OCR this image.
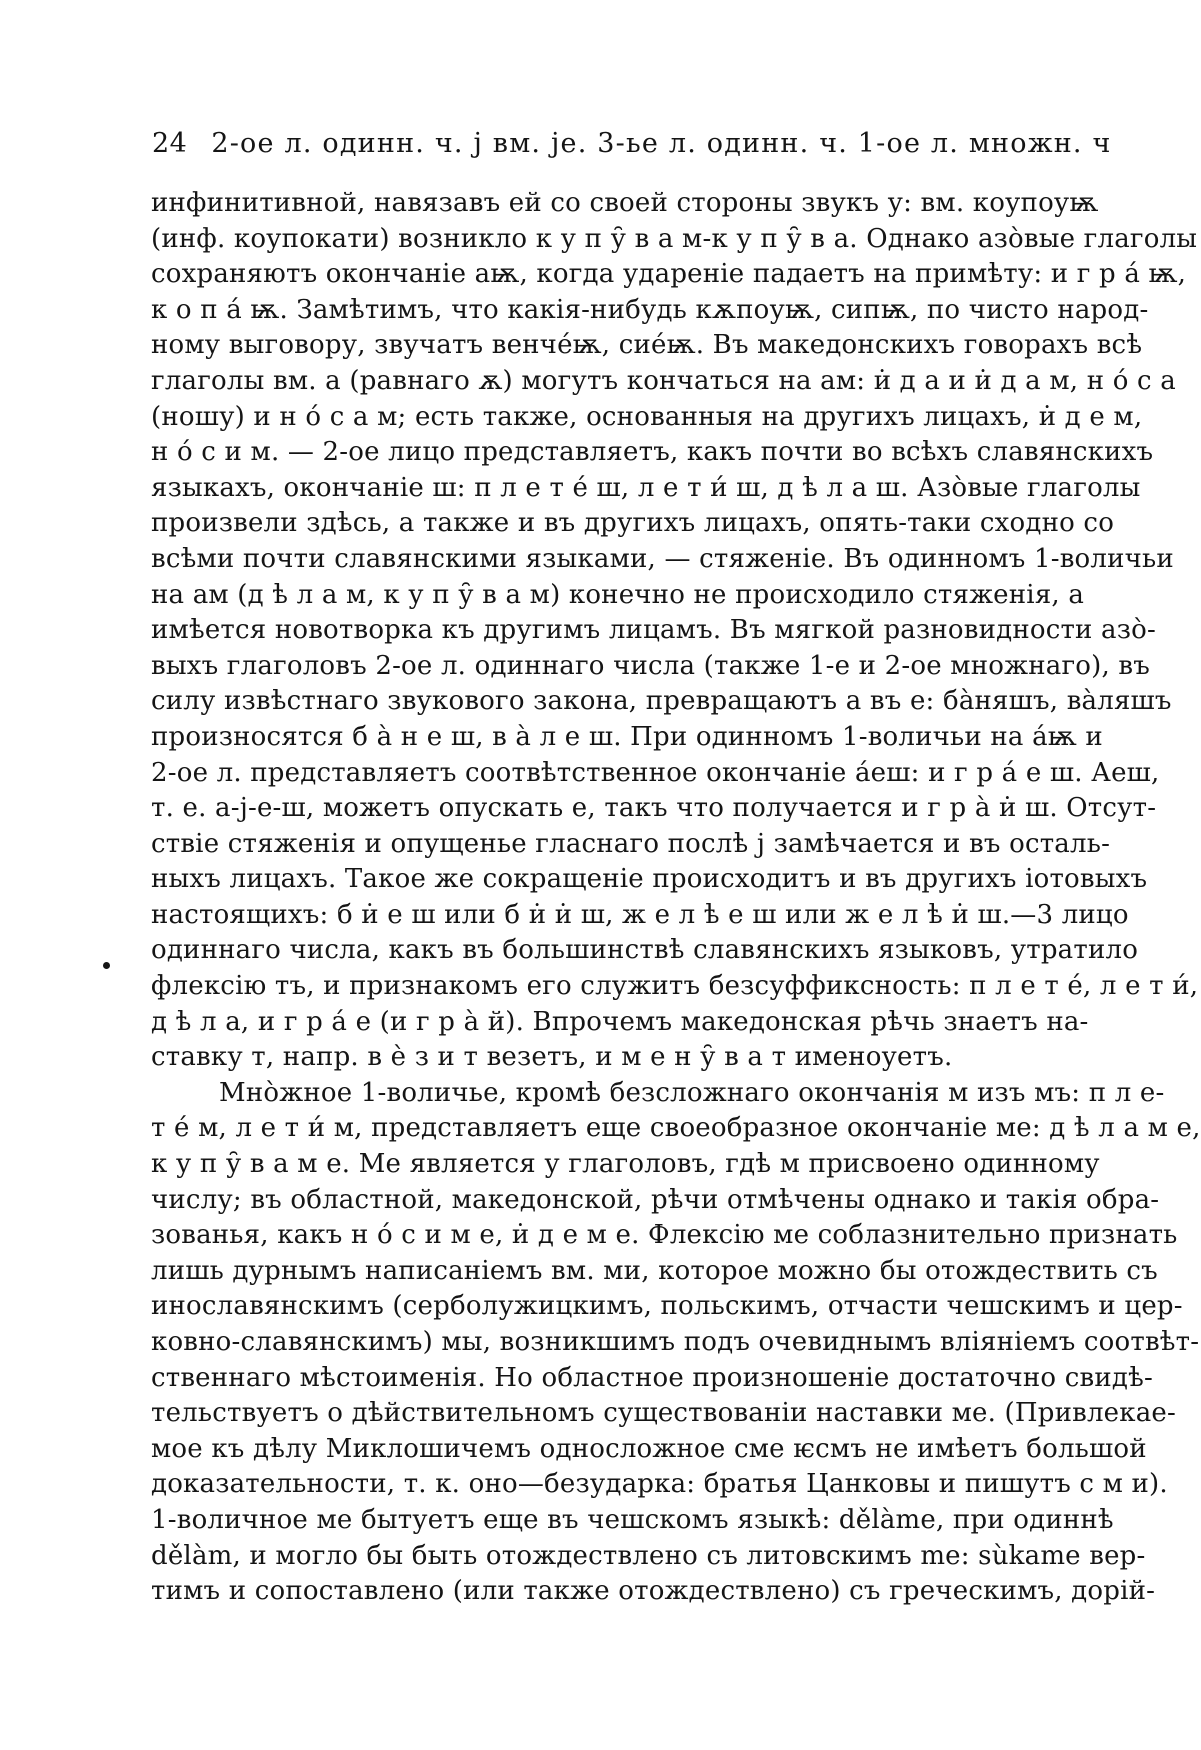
24 2-ое л. одинн. ч. j вм. jе. 3-ье л. одинн. ч. 1-ое л. множн. ч
инфинитивной, навязавъ ей со своей стороны звукъ у: вм. коупоуѭ
(инф. коупокати) возникло к у п у̑ в а м-к у п у̑ в а. Однако азо̀вые глаголы
сохраняютъ окончаніе аѭ, когда удареніе падаетъ на примѣту: и г р а́ ѭ,
к о п а́ ѭ. Замѣтимъ, что какія-нибудь кѫпоуѭ, сипѭ, по чисто народ-
ному выговору, звучатъ венче́ѭ, сие́ѭ. Въ македонскихъ говорахъ всѣ
глаголы вм. а (равнаго ѫ) могутъ кончаться на ам: и̇ д а и и̇ д а м, н о́ с а
(ношу) и н о́ с а м; есть также, основанныя на другихъ лицахъ, и̇ д е м,
н о́ с и м. — 2-ое лицо представляетъ, какъ почти во всѣхъ славянскихъ
языкахъ, окончаніе ш: п л е т е́ ш, л е т и́ ш, д ѣ л а ш. Азо̀вые глаголы
произвели здѣсь, а также и въ другихъ лицахъ, опять-таки сходно со
всѣми почти славянскими языками, — стяженіе. Въ одинномъ 1-воличьи
на ам (д ѣ л а м, к у п у̑ в а м) конечно не происходило стяженія, а
имѣется новотворка къ другимъ лицамъ. Въ мягкой разновидности азо̀-
выхъ глаголовъ 2-ое л. одиннаго числа (также 1-е и 2-ое множнаго), въ
силу извѣстнаго звукового закона, превращаютъ а въ е: ба̀няшъ, ва̀ляшъ
произносятся б а̀ н е ш, в а̀ л е ш. При одинномъ 1-воличьи на а́ѭ и
2-ое л. представляетъ соотвѣтственное окончаніе а́еш: и г р а́ е ш. Аеш,
т. е. а-j-е-ш, можетъ опускать е, такъ что получается и г р а̀ и̇ ш. Отсут-
ствіе стяженія и опущенье гласнаго послѣ j замѣчается и въ осталь-
ныхъ лицахъ. Такое же сокращеніе происходитъ и въ другихъ іотовыхъ
настоящихъ: б и̇ е ш или б и̇ и̇ ш, ж е л ѣ е ш или ж е л ѣ и̇ ш.—3 лицо
одиннаго числа, какъ въ большинствѣ славянскихъ языковъ, утратило
флексію тъ, и признакомъ его служитъ безсуффиксность: п л е т е́, л е т и́,
д ѣ л а, и г р а́ е (и г р а̀ й). Впрочемъ македонская рѣчь знаетъ на-
ставку т, напр. в ѐ з и т везетъ, и м е н у̑ в а т именоуетъ.
Мно̀жное 1-воличье, кромѣ безсложнаго окончанія м изъ мъ: п л е-
т е́ м, л е т и́ м, представляетъ еще своеобразное окончаніе ме: д ѣ л а м е,
к у п у̑ в а м е. Ме является у глаголовъ, гдѣ м присвоено одинному
числу; въ областной, македонской, рѣчи отмѣчены однако и такія обра-
зованья, какъ н о́ с и м е, и̇ д е м е. Флексію ме соблазнительно признать
лишь дурнымъ написаніемъ вм. ми, которое можно бы отождествить съ
инославянскимъ (серболужицкимъ, польскимъ, отчасти чешскимъ и цер-
ковно-славянскимъ) мы, возникшимъ подъ очевиднымъ вліяніемъ соотвѣт-
ственнаго мѣстоименія. Но областное произношеніе достаточно свидѣ-
тельствуетъ о дѣйствительномъ существованіи наставки ме. (Привлекае-
мое къ дѣлу Миклошичемъ односложное сме ѥсмъ не имѣетъ большой
доказательности, т. к. оно—безударка: братья Цанковы и пишутъ с м и).
1-воличное ме бытуетъ еще въ чешскомъ языкѣ: dělàme, при одиннѣ
dělàm, и могло бы быть отождествлено съ литовскимъ me: sùkame вер-
тимъ и сопоставлено (или также отождествлено) съ греческимъ, дорій-
